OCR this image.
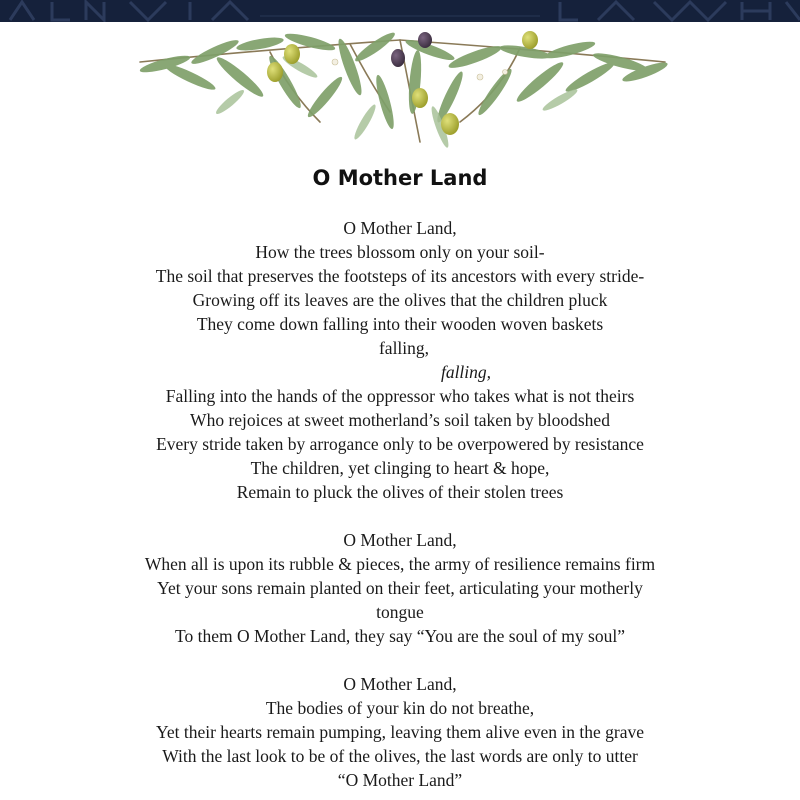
O Mother Land
O Mother Land,
How the trees blossom only on your soil-
The soil that preserves the footsteps of its ancestors with every stride-
Growing off its leaves are the olives that the children pluck
They come down falling into their wooden woven baskets
falling,
falling,
Falling into the hands of the oppressor who takes what is not theirs
Who rejoices at sweet motherland’s soil taken by bloodshed
Every stride taken by arrogance only to be overpowered by resistance
The children, yet clinging to heart & hope,
Remain to pluck the olives of their stolen trees
O Mother Land,
When all is upon its rubble & pieces, the army of resilience remains firm
Yet your sons remain planted on their feet, articulating your motherly
tongue
To them O Mother Land, they say “You are the soul of my soul”
O Mother Land,
The bodies of your kin do not breathe,
Yet their hearts remain pumping, leaving them alive even in the grave
With the last look to be of the olives, the last words are only to utter
“O Mother Land”
